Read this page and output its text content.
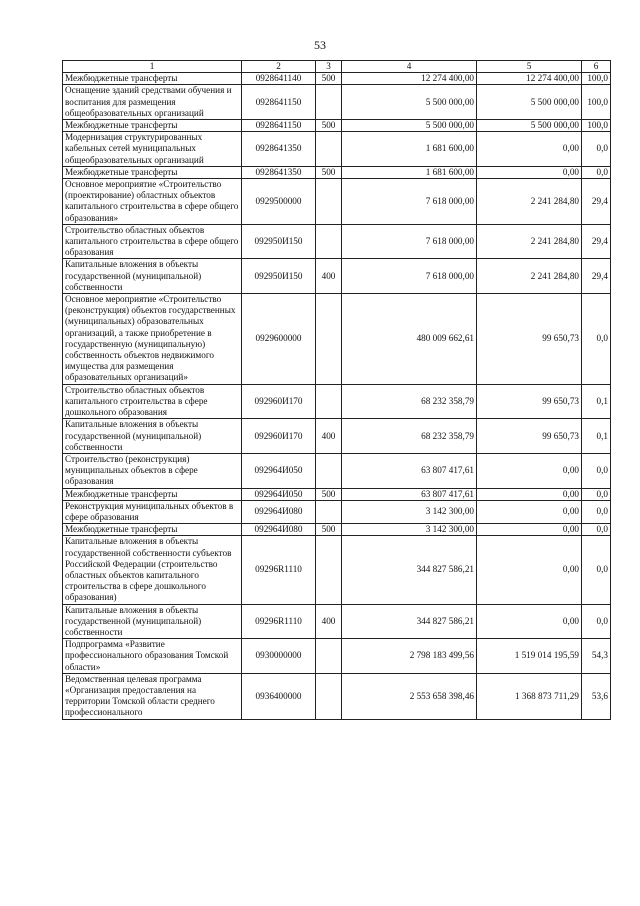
53
1	2	3	4	5	6
Межбюджетные трансферты	0928641140	500	12 274 400,00	12 274 400,00	100,0
Оснащение зданий средствами обучения и воспитания для размещения общеобразовательных организаций	0928641150		5 500 000,00	5 500 000,00	100,0
Межбюджетные трансферты	0928641150	500	5 500 000,00	5 500 000,00	100,0
Модернизация структурированных кабельных сетей муниципальных общеобразовательных организаций	0928641350		1 681 600,00	0,00	0,0
Межбюджетные трансферты	0928641350	500	1 681 600,00	0,00	0,0
Основное мероприятие «Строительство (проектирование) областных объектов капитального строительства в сфере общего образования»	0929500000		7 618 000,00	2 241 284,80	29,4
Строительство областных объектов капитального строительства в сфере общего образования	092950И150		7 618 000,00	2 241 284,80	29,4
Капитальные вложения в объекты государственной (муниципальной) собственности	092950И150	400	7 618 000,00	2 241 284,80	29,4
Основное мероприятие «Строительство (реконструкция) объектов государственных (муниципальных) образовательных организаций, а также приобретение в государственную (муниципальную) собственность объектов недвижимого имущества для размещения образовательных организаций»	0929600000		480 009 662,61	99 650,73	0,0
Строительство областных объектов капитального строительства в сфере дошкольного образования	092960И170		68 232 358,79	99 650,73	0,1
Капитальные вложения в объекты государственной (муниципальной) собственности	092960И170	400	68 232 358,79	99 650,73	0,1
Строительство (реконструкция) муниципальных объектов в сфере образования	092964И050		63 807 417,61	0,00	0,0
Межбюджетные трансферты	092964И050	500	63 807 417,61	0,00	0,0
Реконструкция муниципальных объектов в сфере образования	092964И080		3 142 300,00	0,00	0,0
Межбюджетные трансферты	092964И080	500	3 142 300,00	0,00	0,0
Капитальные вложения в объекты государственной собственности субъектов Российской Федерации (строительство областных объектов капитального строительства в сфере дошкольного образования)	09296R1110		344 827 586,21	0,00	0,0
Капитальные вложения в объекты государственной (муниципальной) собственности	09296R1110	400	344 827 586,21	0,00	0,0
Подпрограмма «Развитие профессионального образования Томской области»	0930000000		2 798 183 499,56	1 519 014 195,59	54,3
Ведомственная целевая программа «Организация предоставления на территории Томской области среднего профессионального	0936400000		2 553 658 398,46	1 368 873 711,29	53,6
